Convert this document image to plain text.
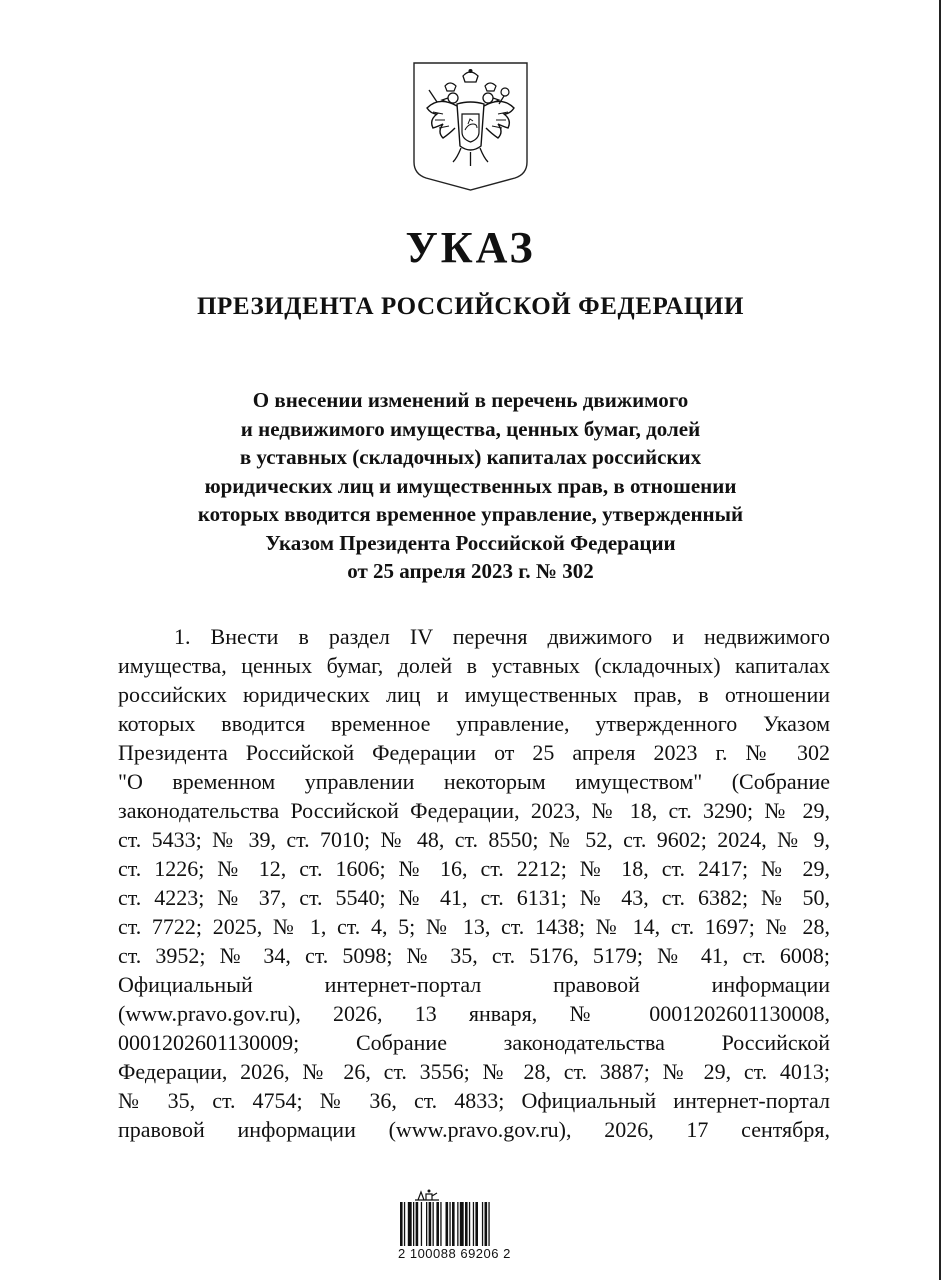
УКАЗ
ПРЕЗИДЕНТА РОССИЙСКОЙ ФЕДЕРАЦИИ
О внесении изменений в перечень движимого
и недвижимого имущества, ценных бумаг, долей
в уставных (складочных) капиталах российских
юридических лиц и имущественных прав, в отношении
которых вводится временное управление, утвержденный
Указом Президента Российской Федерации
от 25 апреля 2023 г. № 302
1. Внести в раздел IV перечня движимого и недвижимого
имущества, ценных бумаг, долей в уставных (складочных) капиталах
российских юридических лиц и имущественных прав, в отношении
которых вводится временное управление, утвержденного Указом
Президента Российской Федерации от 25 апреля 2023 г. № 302
"О временном управлении некоторым имуществом" (Собрание
законодательства Российской Федерации, 2023, № 18, ст. 3290; № 29,
ст. 5433; № 39, ст. 7010; № 48, ст. 8550; № 52, ст. 9602; 2024, № 9,
ст. 1226; № 12, ст. 1606; № 16, ст. 2212; № 18, ст. 2417; № 29,
ст. 4223; № 37, ст. 5540; № 41, ст. 6131; № 43, ст. 6382; № 50,
ст. 7722; 2025, № 1, ст. 4, 5; № 13, ст. 1438; № 14, ст. 1697; № 28,
ст. 3952; № 34, ст. 5098; № 35, ст. 5176, 5179; № 41, ст. 6008;
Официальный интернет-портал правовой информации
(www.pravo.gov.ru), 2026, 13 января, № 0001202601130008,
0001202601130009; Собрание законодательства Российской
Федерации, 2026, № 26, ст. 3556; № 28, ст. 3887; № 29, ст. 4013;
№ 35, ст. 4754; № 36, ст. 4833; Официальный интернет-портал
правовой информации (www.pravo.gov.ru), 2026, 17 сентября,
2 100088 69206 2
